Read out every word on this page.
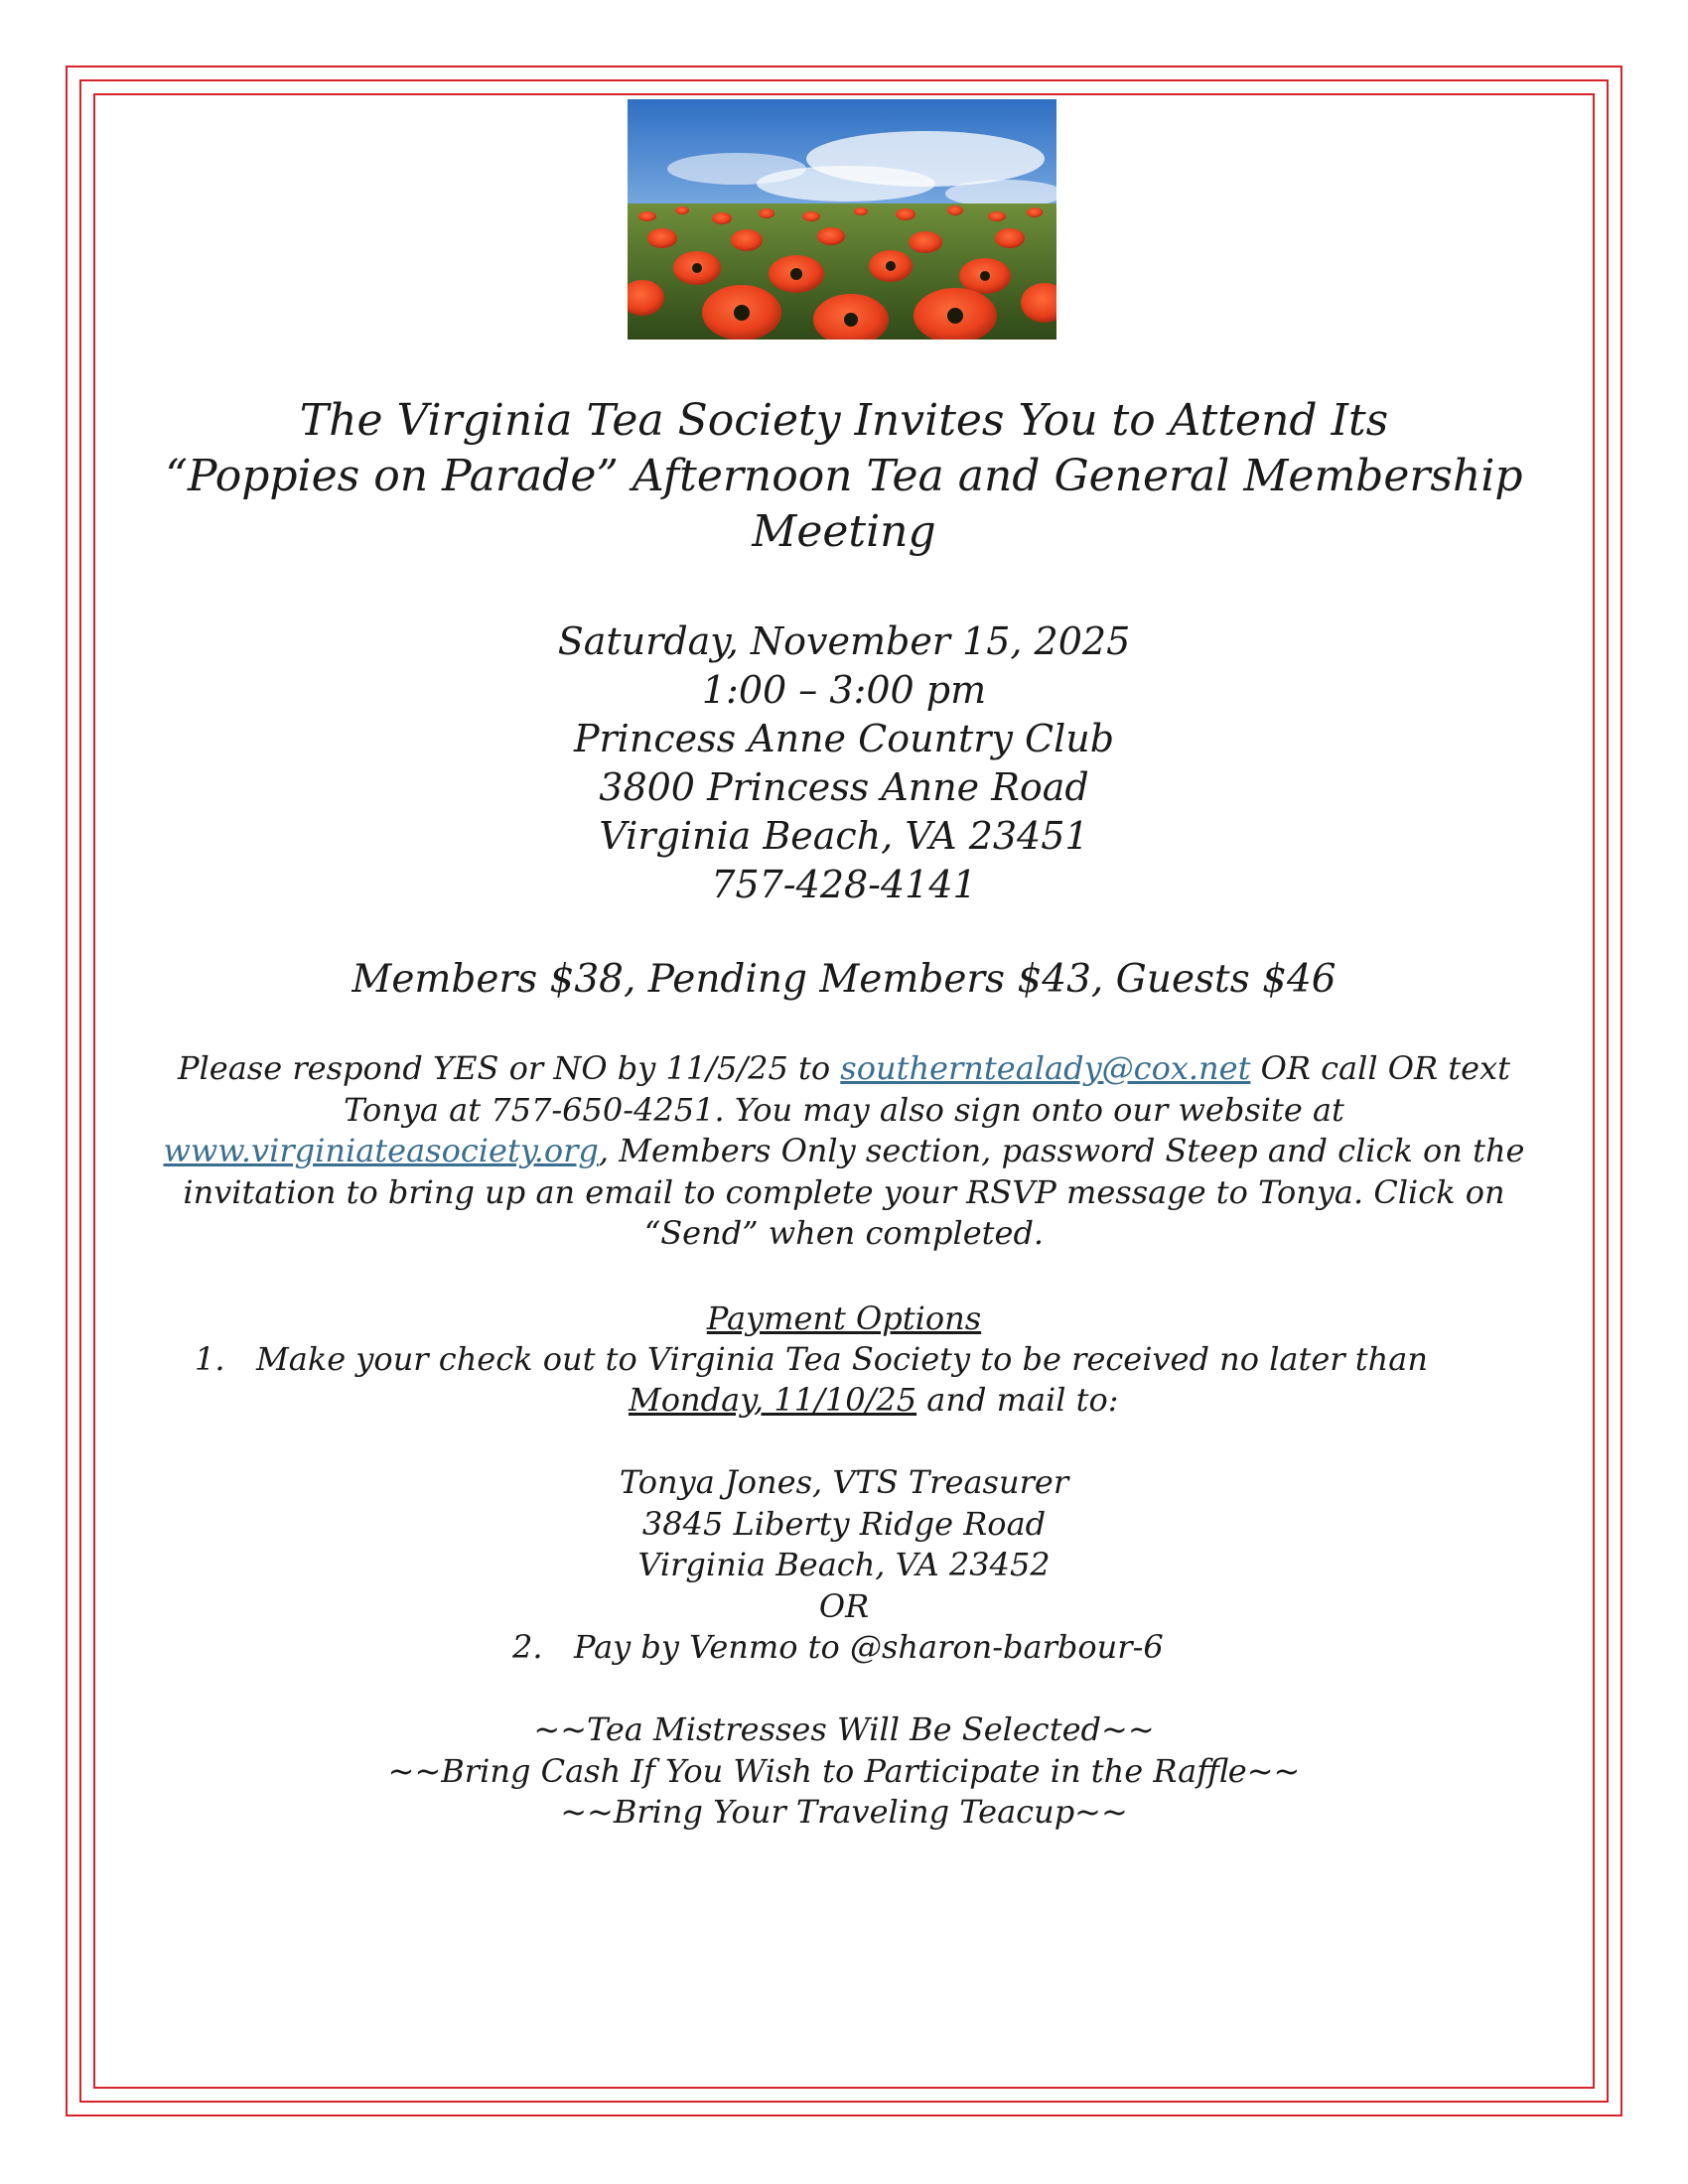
The Virginia Tea Society Invites You to Attend Its
“Poppies on Parade” Afternoon Tea and General Membership
Meeting
Saturday, November 15, 2025
1:00 – 3:00 pm
Princess Anne Country Club
3800 Princess Anne Road
Virginia Beach, VA 23451
757-428-4141
Members $38, Pending Members $43, Guests $46
Please respond YES or NO by 11/5/25 to southerntealady@cox.net OR call OR text
Tonya at 757-650-4251. You may also sign onto our website at
www.virginiateasociety.org, Members Only section, password Steep and click on the
invitation to bring up an email to complete your RSVP message to Tonya. Click on
“Send” when completed.
Payment Options
1. Make your check out to Virginia Tea Society to be received no later than
Monday, 11/10/25 and mail to:
Tonya Jones, VTS Treasurer
3845 Liberty Ridge Road
Virginia Beach, VA 23452
OR
2. Pay by Venmo to @sharon-barbour-6
~~Tea Mistresses Will Be Selected~~
~~Bring Cash If You Wish to Participate in the Raffle~~
~~Bring Your Traveling Teacup~~
